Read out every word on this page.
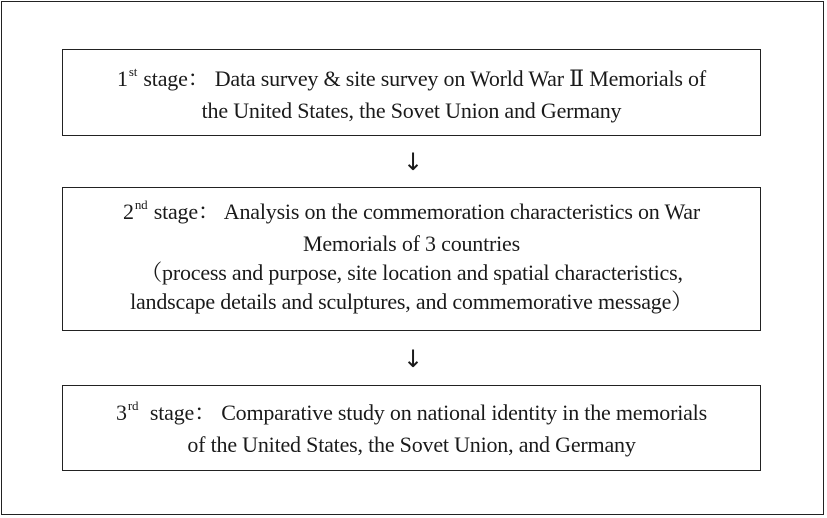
1st stage： Data survey & site survey on World War Ⅱ Memorials of
the United States, the Sovet Union and Germany
↓
2nd stage： Analysis on the commemoration characteristics on War
Memorials of 3 countries
（process and purpose, site location and spatial characteristics,
landscape details and sculptures, and commemorative message）
↓
3rd  stage： Comparative study on national identity in the memorials
of the United States, the Sovet Union, and Germany
